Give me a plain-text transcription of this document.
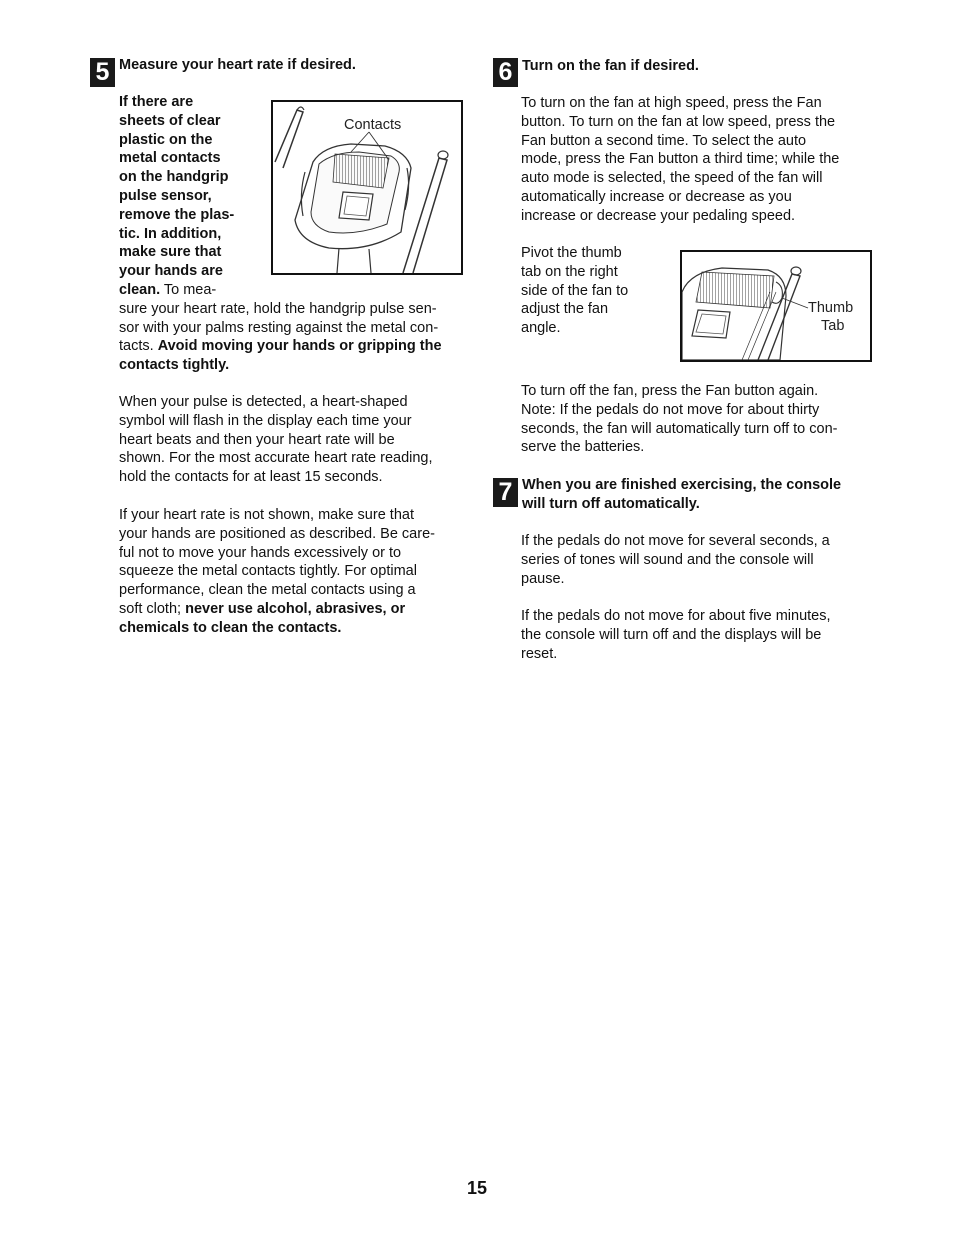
5 Measure your heart rate if desired.
If there are
sheets of clear
plastic on the
metal contacts
on the handgrip
pulse sensor,
remove the plas-
tic. In addition,
make sure that
your hands are
clean. To mea-
sure your heart rate, hold the handgrip pulse sen-
sor with your palms resting against the metal con-
tacts. Avoid moving your hands or gripping the
contacts tightly.
When your pulse is detected, a heart-shaped
symbol will flash in the display each time your
heart beats and then your heart rate will be
shown. For the most accurate heart rate reading,
hold the contacts for at least 15 seconds.
If your heart rate is not shown, make sure that
your hands are positioned as described. Be care-
ful not to move your hands excessively or to
squeeze the metal contacts tightly. For optimal
performance, clean the metal contacts using a
soft cloth; never use alcohol, abrasives, or
chemicals to clean the contacts.
Contacts
6 Turn on the fan if desired.
To turn on the fan at high speed, press the Fan
button. To turn on the fan at low speed, press the
Fan button a second time. To select the auto
mode, press the Fan button a third time; while the
auto mode is selected, the speed of the fan will
automatically increase or decrease as you
increase or decrease your pedaling speed.
Pivot the thumb
tab on the right
side of the fan to
adjust the fan
angle.
Thumb
Tab
To turn off the fan, press the Fan button again.
Note: If the pedals do not move for about thirty
seconds, the fan will automatically turn off to con-
serve the batteries.
7 When you are finished exercising, the console
will turn off automatically.
If the pedals do not move for several seconds, a
series of tones will sound and the console will
pause.
If the pedals do not move for about five minutes,
the console will turn off and the displays will be
reset.
15
